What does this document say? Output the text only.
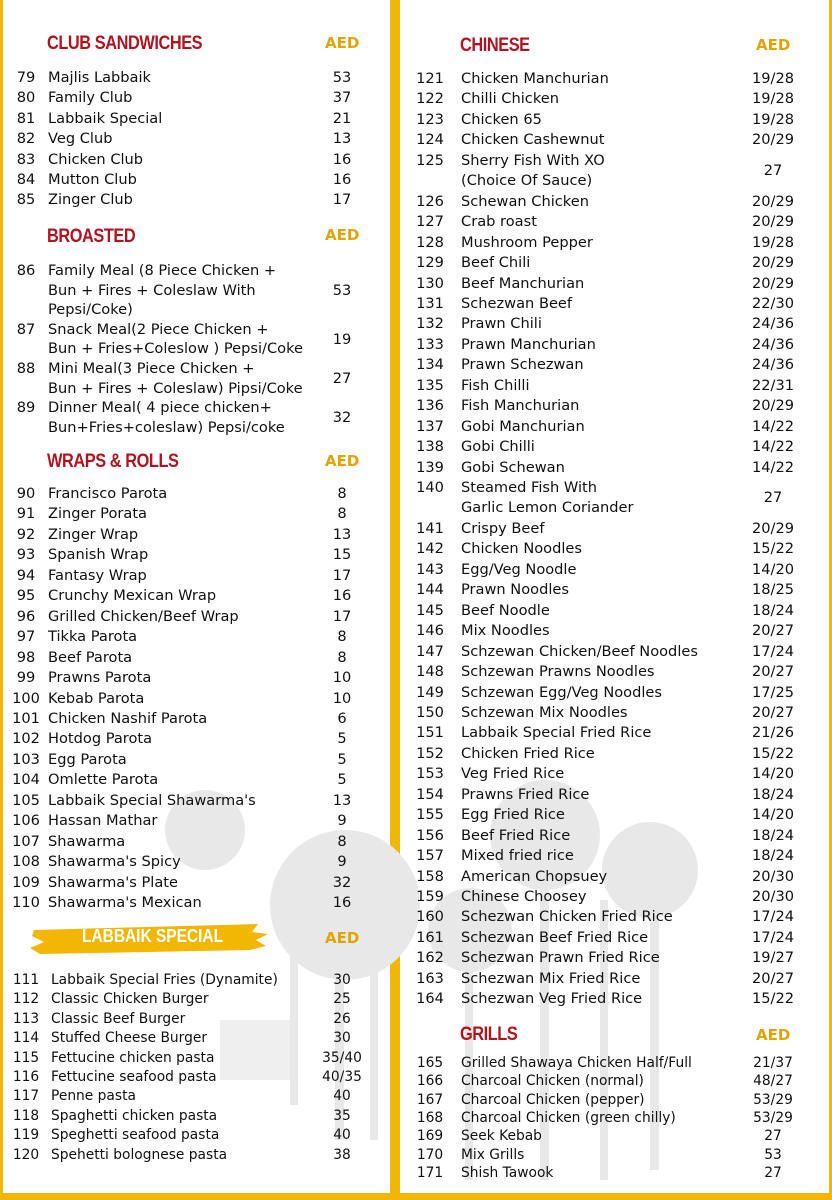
CLUB SANDWICHES	AED
79 Majlis Labbaik	53
80 Family Club	37
81 Labbaik Special	21
82 Veg Club	13
83 Chicken Club	16
84 Mutton Club	16
85 Zinger Club	17
BROASTED	AED
86 Family Meal (8 Piece Chicken +
Bun + Fires + Coleslaw With
Pepsi/Coke)
53
87 Snack Meal(2 Piece Chicken +
Bun + Fries+Coleslow ) Pepsi/Coke
19
88 Mini Meal(3 Piece Chicken +
Bun + Fires + Coleslaw) Pipsi/Coke
27
89 Dinner Meal( 4 piece chicken+
Bun+Fries+coleslaw) Pepsi/coke
32
WRAPS & ROLLS	AED
90 Francisco Parota	8
91 Zinger Porata	8
92 Zinger Wrap	13
93 Spanish Wrap	15
94 Fantasy Wrap	17
95 Crunchy Mexican Wrap	16
96 Grilled Chicken/Beef Wrap	17
97 Tikka Parota	8
98 Beef Parota	8
99 Prawns Parota	10
100 Kebab Parota	10
101 Chicken Nashif Parota	6
102 Hotdog Parota	5
103 Egg Parota	5
104 Omlette Parota	5
105 Labbaik Special Shawarma's	13
106 Hassan Mathar	9
107 Shawarma	8
108 Shawarma's Spicy	9
109 Shawarma's Plate	32
110 Shawarma's Mexican	16
LABBAIK SPECIAL	AED
111 Labbaik Special Fries (Dynamite)	30
112 Classic Chicken Burger	25
113 Classic Beef Burger	26
114 Stuffed Cheese Burger	30
115 Fettucine chicken pasta	35/40
116 Fettucine seafood pasta	40/35
117 Penne pasta	40
118 Spaghetti chicken pasta	35
119 Speghetti seafood pasta	40
120 Spehetti bolognese pasta	38
CHINESE	AED
121 Chicken Manchurian	19/28
122 Chilli Chicken	19/28
123 Chicken 65	19/28
124 Chicken Cashewnut	20/29
125 Sherry Fish With XO
(Choice Of Sauce)
27
126 Schewan Chicken	20/29
127 Crab roast	20/29
128 Mushroom Pepper	19/28
129 Beef Chili	20/29
130 Beef Manchurian	20/29
131 Schezwan Beef	22/30
132 Prawn Chili	24/36
133 Prawn Manchurian	24/36
134 Prawn Schezwan	24/36
135 Fish Chilli	22/31
136 Fish Manchurian	20/29
137 Gobi Manchurian	14/22
138 Gobi Chilli	14/22
139 Gobi Schewan	14/22
140 Steamed Fish With
Garlic Lemon Coriander
27
141 Crispy Beef	20/29
142 Chicken Noodles	15/22
143 Egg/Veg Noodle	14/20
144 Prawn Noodles	18/25
145 Beef Noodle	18/24
146 Mix Noodles	20/27
147 Schzewan Chicken/Beef Noodles	17/24
148 Schzewan Prawns Noodles	20/27
149 Schzewan Egg/Veg Noodles	17/25
150 Schzewan Mix Noodles	20/27
151 Labbaik Special Fried Rice	21/26
152 Chicken Fried Rice	15/22
153 Veg Fried Rice	14/20
154 Prawns Fried Rice	18/24
155 Egg Fried Rice	14/20
156 Beef Fried Rice	18/24
157 Mixed fried rice	18/24
158 American Chopsuey	20/30
159 Chinese Choosey	20/30
160 Schezwan Chicken Fried Rice	17/24
161 Schezwan Beef Fried Rice	17/24
162 Schezwan Prawn Fried Rice	19/27
163 Schezwan Mix Fried Rice	20/27
164 Schezwan Veg Fried Rice	15/22
GRILLS	AED
165	Grilled Shawaya Chicken Half/Full	21/37
166	Charcoal Chicken (normal)	48/27
167	Charcoal Chicken (pepper)	53/29
168	Charcoal Chicken (green chilly)	53/29
169	Seek Kebab	27
170	Mix Grills	53
171	Shish Tawook	27
